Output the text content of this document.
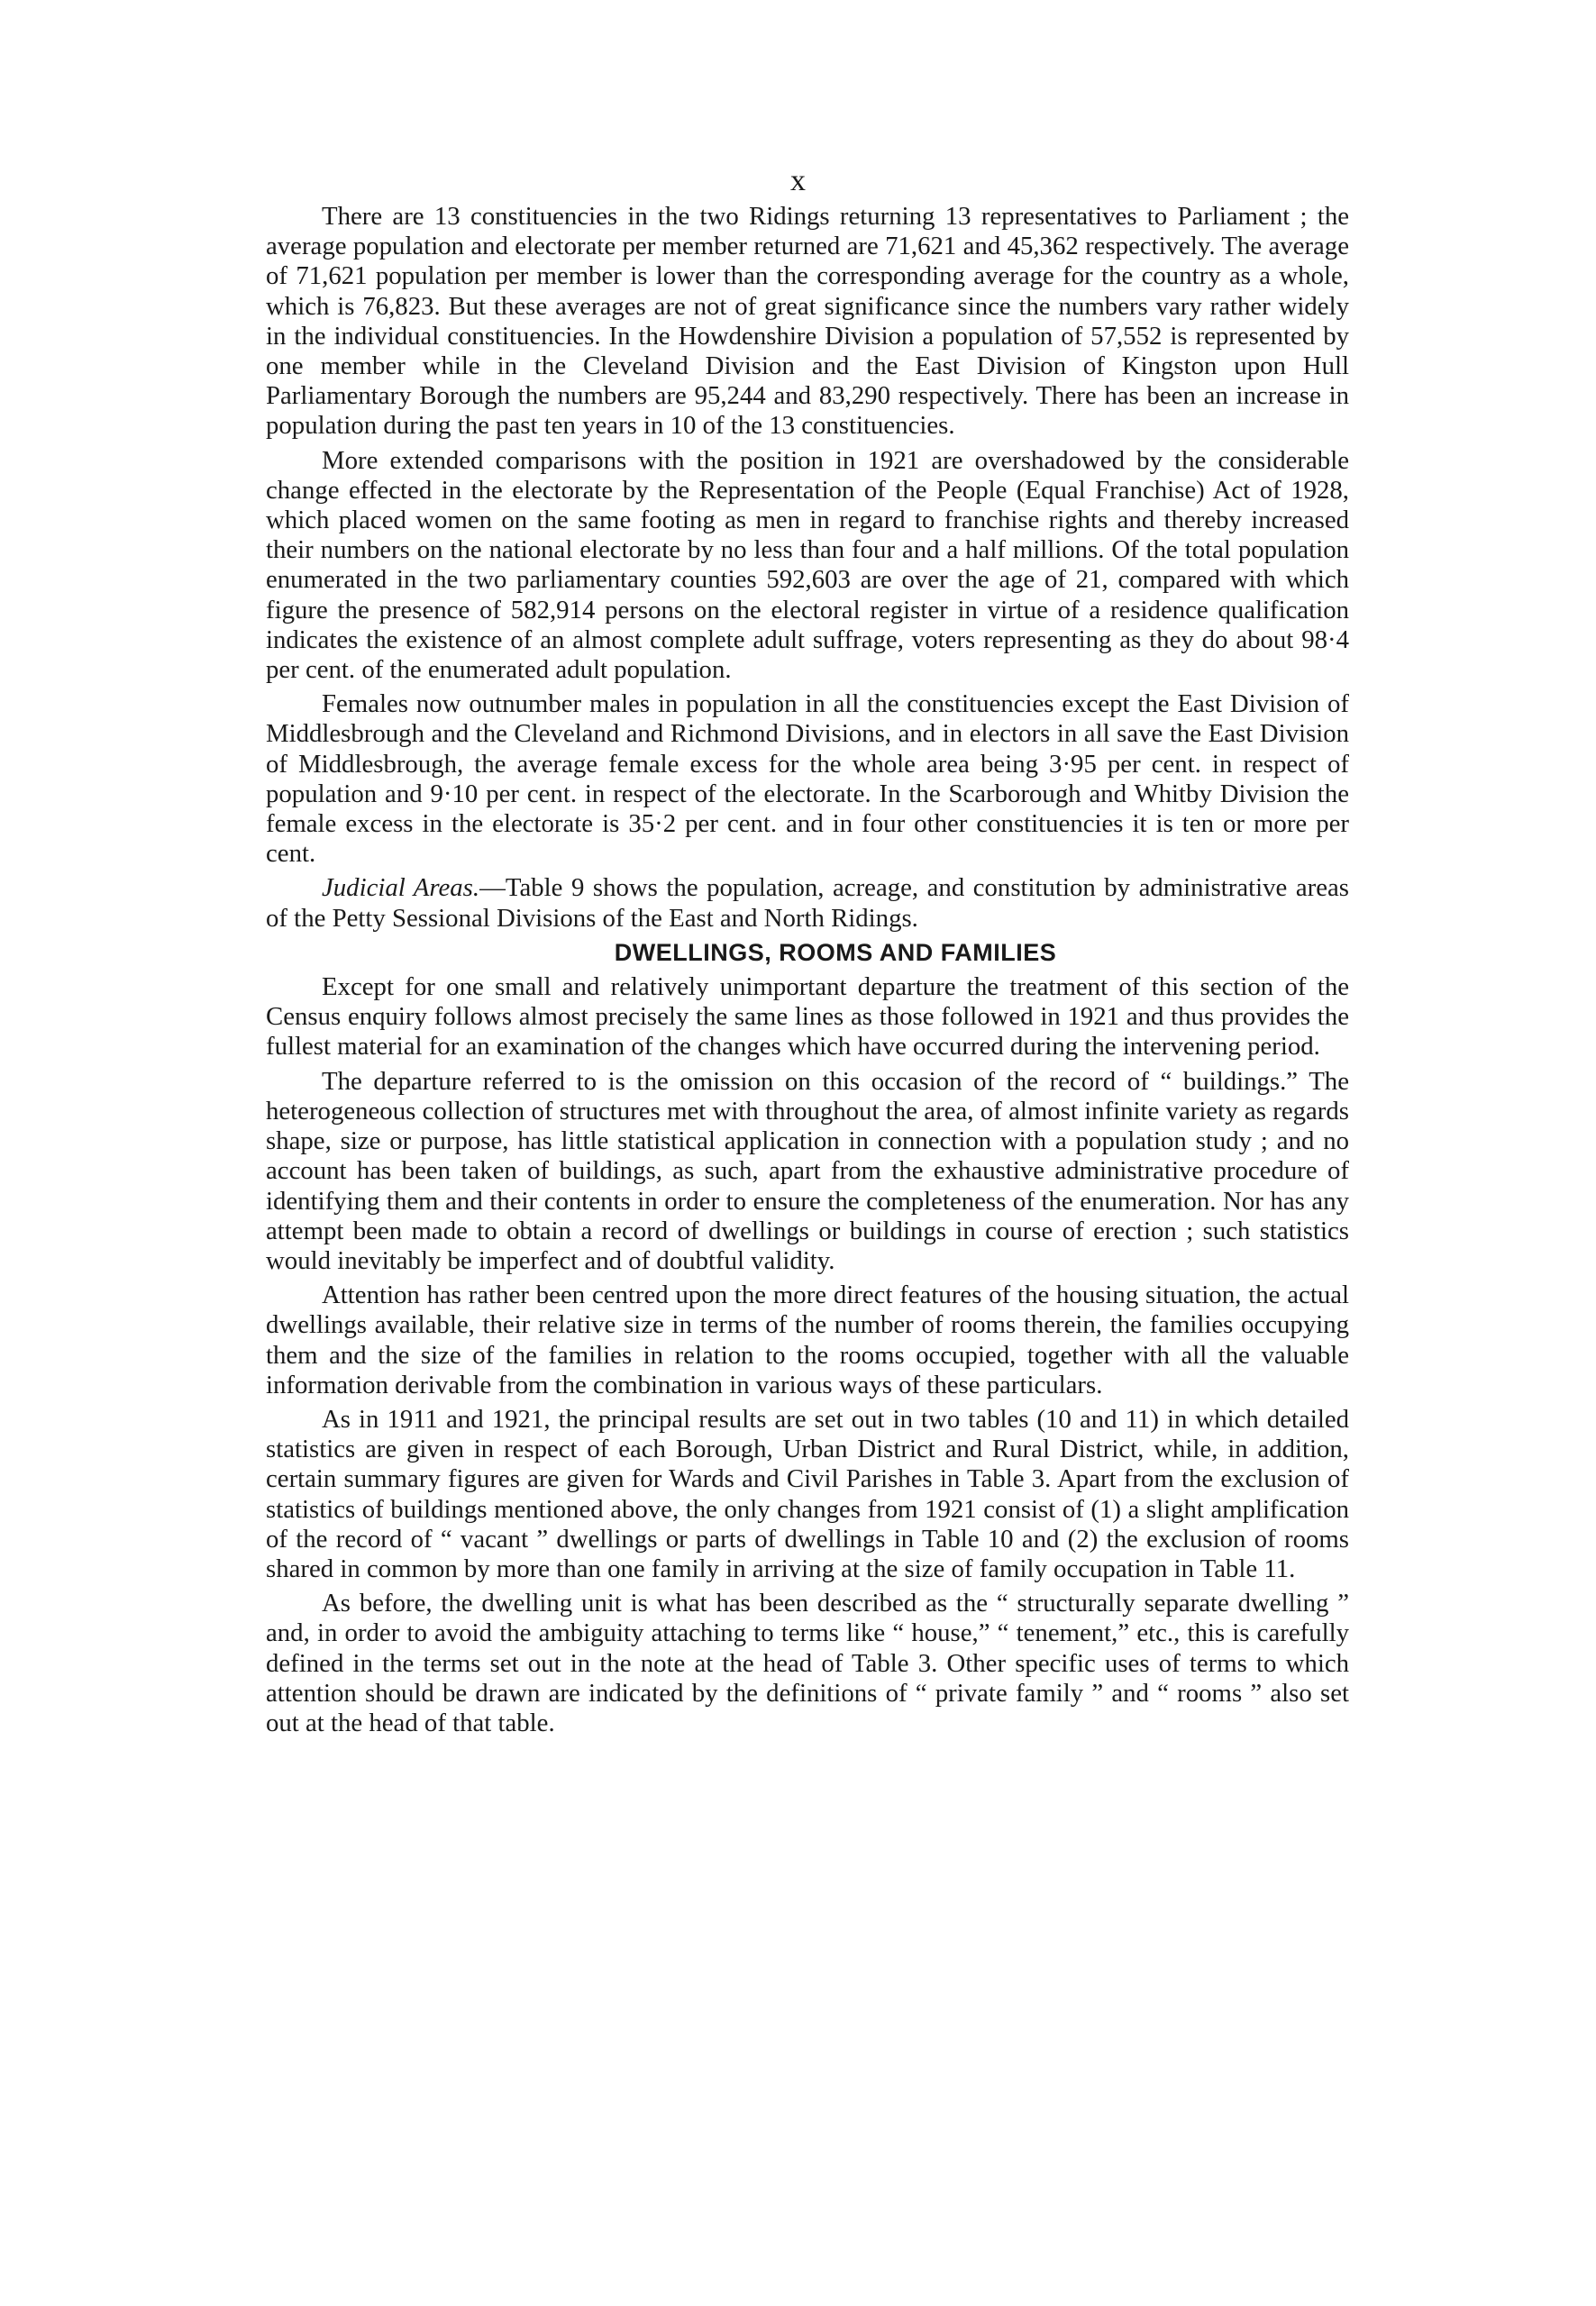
x

There are 13 constituencies in the two Ridings returning 13 representatives to Parliament ; the average population and electorate per member returned are 71,621 and 45,362 respectively. The average of 71,621 population per member is lower than the corresponding average for the country as a whole, which is 76,823. But these averages are not of great significance since the numbers vary rather widely in the individual constituencies. In the Howdenshire Division a population of 57,552 is represented by one member while in the Cleveland Division and the East Division of Kingston upon Hull Parliamentary Borough the numbers are 95,244 and 83,290 respectively. There has been an increase in population during the past ten years in 10 of the 13 constituencies.

More extended comparisons with the position in 1921 are overshadowed by the considerable change effected in the electorate by the Representation of the People (Equal Franchise) Act of 1928, which placed women on the same footing as men in regard to franchise rights and thereby increased their numbers on the national electorate by no less than four and a half millions. Of the total population enumerated in the two parliamentary counties 592,603 are over the age of 21, compared with which figure the presence of 582,914 persons on the electoral register in virtue of a residence qualification indicates the existence of an almost complete adult suffrage, voters representing as they do about 98·4 per cent. of the enumerated adult population.

Females now outnumber males in population in all the constituencies except the East Division of Middlesbrough and the Cleveland and Richmond Divisions, and in electors in all save the East Division of Middlesbrough, the average female excess for the whole area being 3·95 per cent. in respect of population and 9·10 per cent. in respect of the electorate. In the Scarborough and Whitby Division the female excess in the electorate is 35·2 per cent. and in four other constituencies it is ten or more per cent.

Judicial Areas.—Table 9 shows the population, acreage, and constitution by administrative areas of the Petty Sessional Divisions of the East and North Ridings.

DWELLINGS, ROOMS AND FAMILIES

Except for one small and relatively unimportant departure the treatment of this section of the Census enquiry follows almost precisely the same lines as those followed in 1921 and thus provides the fullest material for an examination of the changes which have occurred during the intervening period.

The departure referred to is the omission on this occasion of the record of “ buildings.” The heterogeneous collection of structures met with throughout the area, of almost infinite variety as regards shape, size or purpose, has little statistical application in connection with a population study ; and no account has been taken of buildings, as such, apart from the exhaustive administrative procedure of identifying them and their contents in order to ensure the completeness of the enumeration. Nor has any attempt been made to obtain a record of dwellings or buildings in course of erection ; such statistics would inevitably be imperfect and of doubtful validity.

Attention has rather been centred upon the more direct features of the housing situation, the actual dwellings available, their relative size in terms of the number of rooms therein, the families occupying them and the size of the families in relation to the rooms occupied, together with all the valuable information derivable from the combination in various ways of these particulars.

As in 1911 and 1921, the principal results are set out in two tables (10 and 11) in which detailed statistics are given in respect of each Borough, Urban District and Rural District, while, in addition, certain summary figures are given for Wards and Civil Parishes in Table 3. Apart from the exclusion of statistics of buildings mentioned above, the only changes from 1921 consist of (1) a slight amplification of the record of “ vacant ” dwellings or parts of dwellings in Table 10 and (2) the exclusion of rooms shared in common by more than one family in arriving at the size of family occupation in Table 11.

As before, the dwelling unit is what has been described as the “ structurally separate dwelling ” and, in order to avoid the ambiguity attaching to terms like “ house,” “ tenement,” etc., this is carefully defined in the terms set out in the note at the head of Table 3. Other specific uses of terms to which attention should be drawn are indicated by the definitions of “ private family ” and “ rooms ” also set out at the head of that table.
